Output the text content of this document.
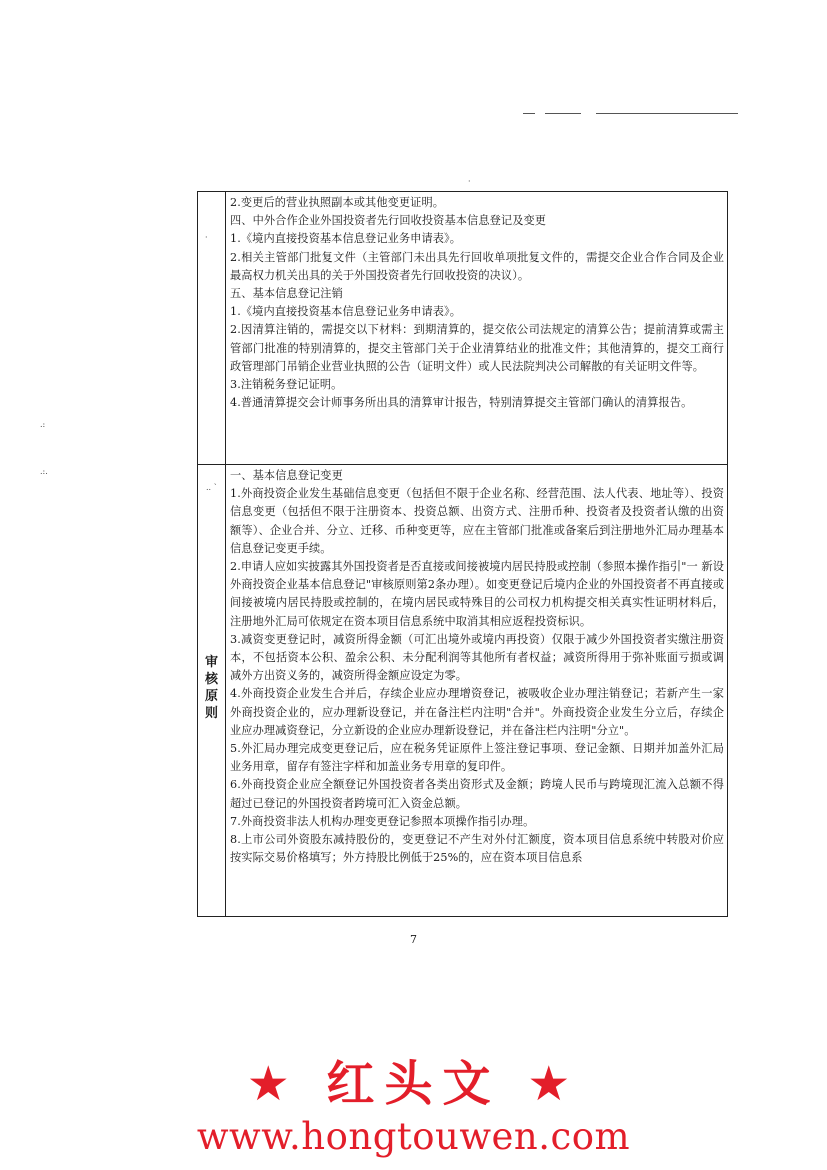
·
.:
.:.
.. `
·

2.变更后的营业执照副本或其他变更证明。

四、中外合作企业外国投资者先行回收投资基本信息登记及变更

1.《境内直接投资基本信息登记业务申请表》。

2.相关主管部门批复文件（主管部门未出具先行回收单项批复文件的，需提交企业合作合同及企业最高权力机关出具的关于外国投资者先行回收投资的决议）。

五、基本信息登记注销

1.《境内直接投资基本信息登记业务申请表》。

2.因清算注销的，需提交以下材料：到期清算的，提交依公司法规定的清算公告；提前清算或需主管部门批准的特别清算的，提交主管部门关于企业清算结业的批准文件；其他清算的，提交工商行政管理部门吊销企业营业执照的公告（证明文件）或人民法院判决公司解散的有关证明文件等。

3.注销税务登记证明。

4.普通清算提交会计师事务所出具的清算审计报告，特别清算提交主管部门确认的清算报告。

审
核
原
则

一、基本信息登记变更

1.外商投资企业发生基础信息变更（包括但不限于企业名称、经营范围、法人代表、地址等）、投资信息变更（包括但不限于注册资本、投资总额、出资方式、注册币种、投资者及投资者认缴的出资额等）、企业合并、分立、迁移、币种变更等，应在主管部门批准或备案后到注册地外汇局办理基本信息登记变更手续。

2.申请人应如实披露其外国投资者是否直接或间接被境内居民持股或控制（参照本操作指引"一 新设外商投资企业基本信息登记"审核原则第2条办理）。如变更登记后境内企业的外国投资者不再直接或间接被境内居民持股或控制的，在境内居民或特殊目的公司权力机构提交相关真实性证明材料后，注册地外汇局可依规定在资本项目信息系统中取消其相应返程投资标识。

3.减资变更登记时，减资所得金额（可汇出境外或境内再投资）仅限于减少外国投资者实缴注册资本，不包括资本公积、盈余公积、未分配利润等其他所有者权益；减资所得用于弥补账面亏损或调减外方出资义务的，减资所得金额应设定为零。

4.外商投资企业发生合并后，存续企业应办理增资登记，被吸收企业办理注销登记；若新产生一家外商投资企业的，应办理新设登记，并在备注栏内注明"合并"。外商投资企业发生分立后，存续企业应办理减资登记，分立新设的企业应办理新设登记，并在备注栏内注明"分立"。

5.外汇局办理完成变更登记后，应在税务凭证原件上签注登记事项、登记金额、日期并加盖外汇局业务用章，留存有签注字样和加盖业务专用章的复印件。

6.外商投资企业应全额登记外国投资者各类出资形式及金额；跨境人民币与跨境现汇流入总额不得超过已登记的外国投资者跨境可汇入资金总额。

7.外商投资非法人机构办理变更登记参照本项操作指引办理。

8.上市公司外资股东减持股份的，变更登记不产生对外付汇额度，资本项目信息系统中转股对价应按实际交易价格填写；外方持股比例低于25%的，应在资本项目信息系

7
★ 红头文 ★
www.hongtouwen.com
